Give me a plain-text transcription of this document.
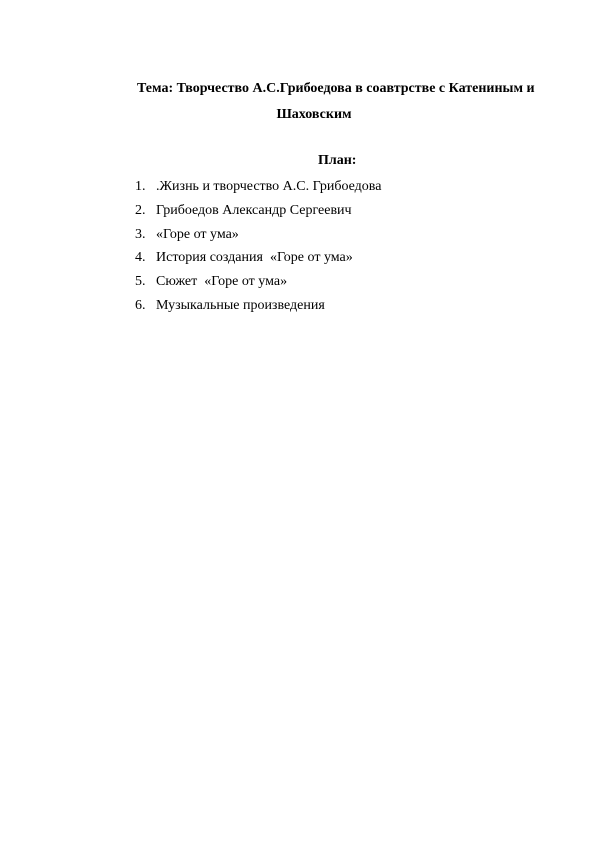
Тема: Творчество А.С.Грибоедова в соавтрстве с Катениным и
Шаховским
План:
1. .Жизнь и творчество А.С. Грибоедова
2. Грибоедов Александр Сергеевич
3. «Горе от ума»
4. История создания  «Горе от ума»
5. Сюжет  «Горе от ума»
6. Музыкальные произведения
